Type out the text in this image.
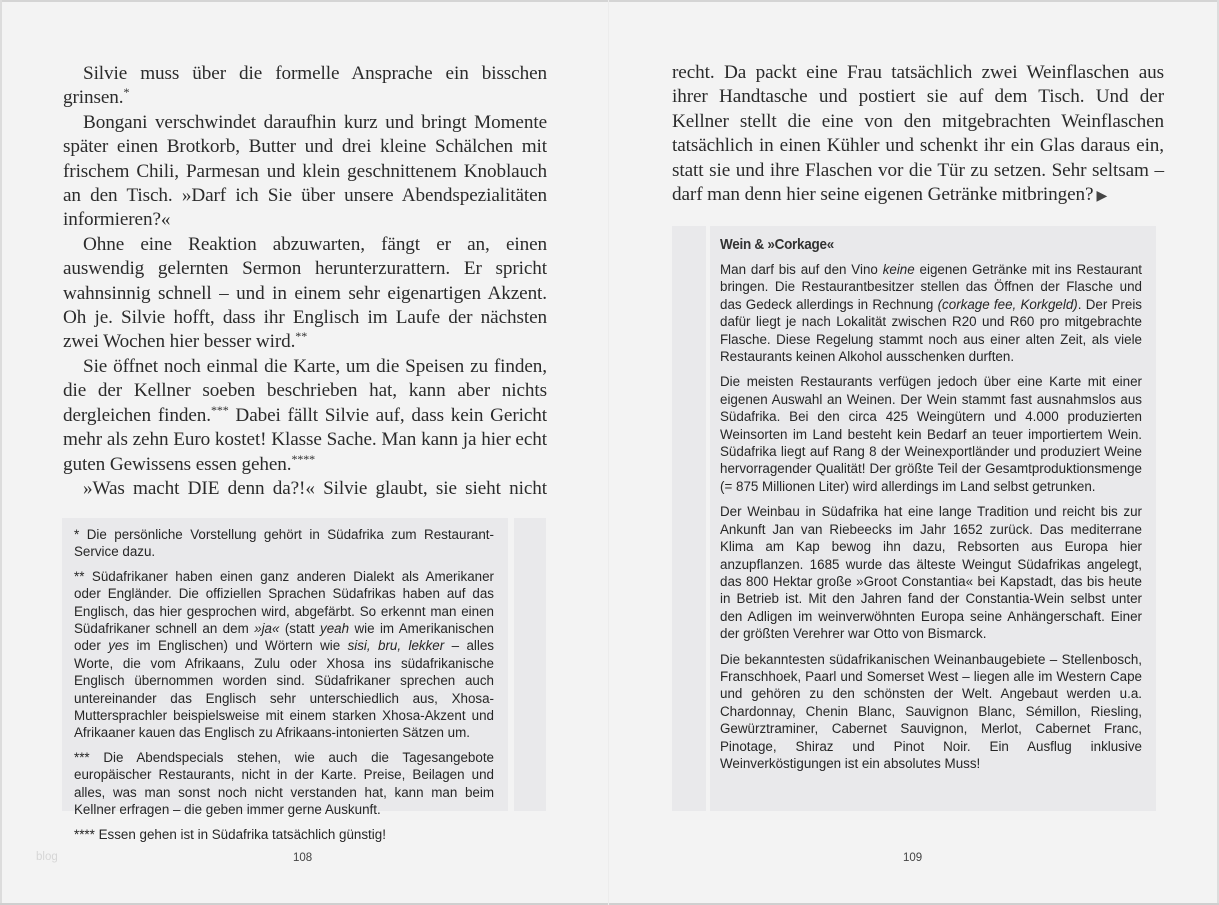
Silvie muss über die formelle Ansprache ein bisschen grinsen.*

Bongani verschwindet daraufhin kurz und bringt Momente später einen Brotkorb, Butter und drei kleine Schälchen mit frischem Chili, Parmesan und klein geschnittenem Knoblauch an den Tisch. »Darf ich Sie über unsere Abendspezialitäten informieren?«

Ohne eine Reaktion abzuwarten, fängt er an, einen auswendig gelernten Sermon herunterzurattern. Er spricht wahnsinnig schnell – und in einem sehr eigenartigen Akzent. Oh je. Silvie hofft, dass ihr Englisch im Laufe der nächsten zwei Wochen hier besser wird.**

Sie öffnet noch einmal die Karte, um die Speisen zu finden, die der Kellner soeben beschrieben hat, kann aber nichts dergleichen finden.*** Dabei fällt Silvie auf, dass kein Gericht mehr als zehn Euro kostet! Klasse Sache. Man kann ja hier echt guten Gewissens essen gehen.****

»Was macht DIE denn da?!« Silvie glaubt, sie sieht nicht

* Die persönliche Vorstellung gehört in Südafrika zum Restaurant-Service dazu.

** Südafrikaner haben einen ganz anderen Dialekt als Amerikaner oder Engländer. Die offiziellen Sprachen Südafrikas haben auf das Englisch, das hier gesprochen wird, abgefärbt. So erkennt man einen Südafrikaner schnell an dem »ja« (statt yeah wie im Amerikanischen oder yes im Englischen) und Wörtern wie sisi, bru, lekker – alles Worte, die vom Afrikaans, Zulu oder Xhosa ins südafrikanische Englisch übernommen worden sind. Südafrikaner sprechen auch untereinander das Englisch sehr unterschiedlich aus, Xhosa-Muttersprachler beispielsweise mit einem starken Xhosa-Akzent und Afrikaaner kauen das Englisch zu Afrikaans-intonierten Sätzen um.

*** Die Abendspecials stehen, wie auch die Tagesangebote europäischer Restaurants, nicht in der Karte. Preise, Beilagen und alles, was man sonst noch nicht verstanden hat, kann man beim Kellner erfragen – die geben immer gerne Auskunft.

**** Essen gehen ist in Südafrika tatsächlich günstig!

blog	108

recht. Da packt eine Frau tatsächlich zwei Weinflaschen aus ihrer Handtasche und postiert sie auf dem Tisch. Und der Kellner stellt die eine von den mitgebrachten Weinflaschen tatsächlich in einen Kühler und schenkt ihr ein Glas daraus ein, statt sie und ihre Flaschen vor die Tür zu setzen. Sehr seltsam – darf man denn hier seine eigenen Getränke mitbringen? ▶

Wein & »Corkage«

Man darf bis auf den Vino keine eigenen Getränke mit ins Restaurant bringen. Die Restaurantbesitzer stellen das Öffnen der Flasche und das Gedeck allerdings in Rechnung (corkage fee, Korkgeld). Der Preis dafür liegt je nach Lokalität zwischen R20 und R60 pro mitgebrachte Flasche. Diese Regelung stammt noch aus einer alten Zeit, als viele Restaurants keinen Alkohol ausschenken durften.

Die meisten Restaurants verfügen jedoch über eine Karte mit einer eigenen Auswahl an Weinen. Der Wein stammt fast ausnahmslos aus Südafrika. Bei den circa 425 Weingütern und 4.000 produzierten Weinsorten im Land besteht kein Bedarf an teuer importiertem Wein. Südafrika liegt auf Rang 8 der Weinexportländer und produziert Weine hervorragender Qualität! Der größte Teil der Gesamtproduktionsmenge (= 875 Millionen Liter) wird allerdings im Land selbst getrunken.

Der Weinbau in Südafrika hat eine lange Tradition und reicht bis zur Ankunft Jan van Riebeecks im Jahr 1652 zurück. Das mediterrane Klima am Kap bewog ihn dazu, Rebsorten aus Europa hier anzupflanzen. 1685 wurde das älteste Weingut Südafrikas angelegt, das 800 Hektar große »Groot Constantia« bei Kapstadt, das bis heute in Betrieb ist. Mit den Jahren fand der Constantia-Wein selbst unter den Adligen im weinverwöhnten Europa seine Anhängerschaft. Einer der größten Verehrer war Otto von Bismarck.

Die bekanntesten südafrikanischen Weinanbaugebiete – Stellenbosch, Franschhoek, Paarl und Somerset West – liegen alle im Western Cape und gehören zu den schönsten der Welt. Angebaut werden u.a. Chardonnay, Chenin Blanc, Sauvignon Blanc, Sémillon, Riesling, Gewürztraminer, Cabernet Sauvignon, Merlot, Cabernet Franc, Pinotage, Shiraz und Pinot Noir. Ein Ausflug inklusive Weinverköstigungen ist ein absolutes Muss!

109
